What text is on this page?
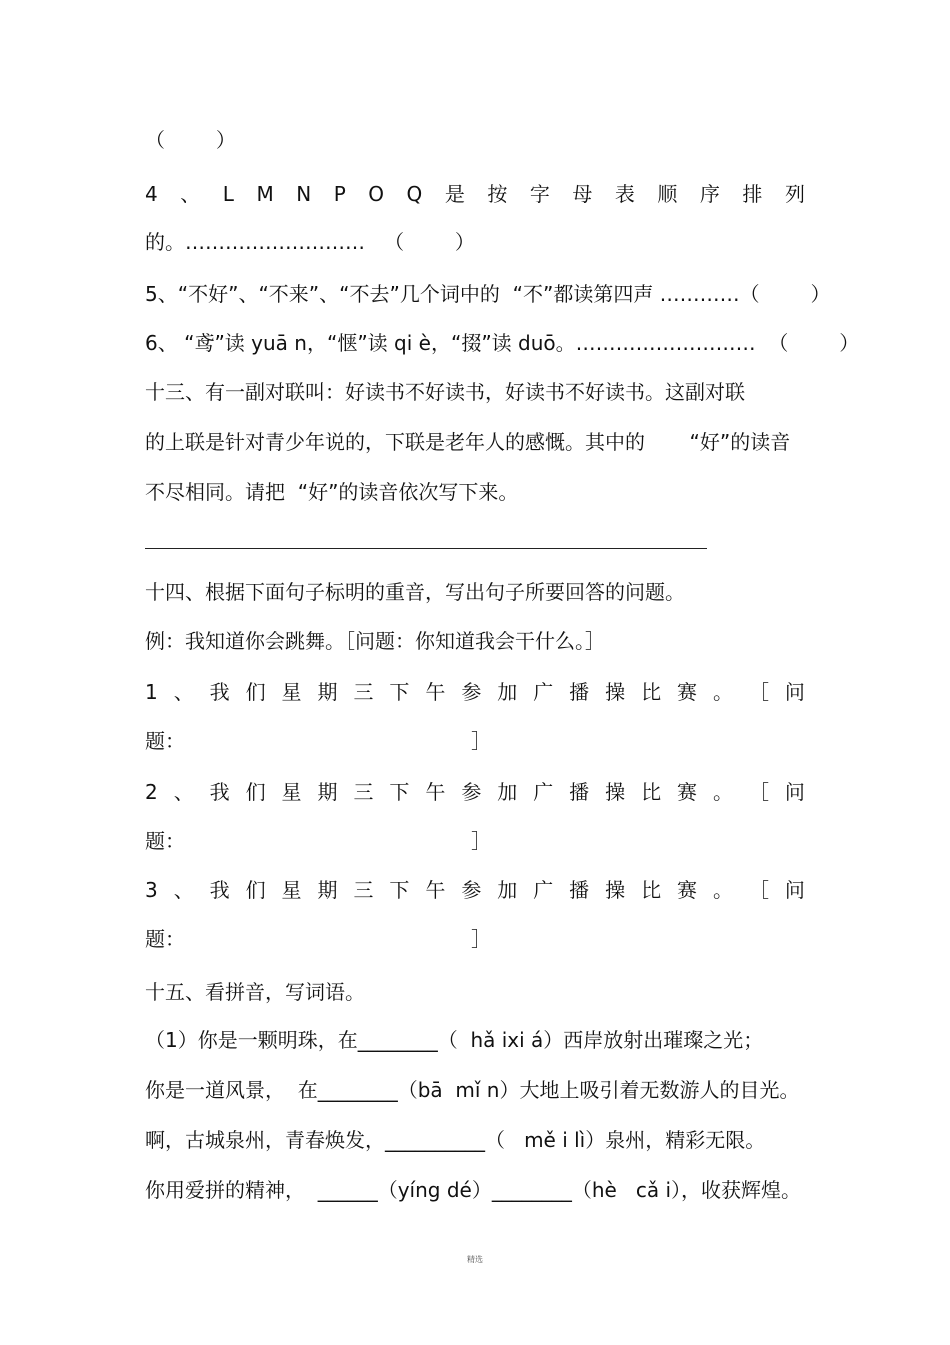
（        ）
4 、 L M N P O Q 是 按 字 母 表 顺 序 排 列
的。………………………   （        ）
5、“不好”、“不来”、“不去”几个词中的  “不”都读第四声 …………（        ）
6、 “鸢”读 yuā n，“惬”读 qi è，“掇”读 duō。………………………  （        ）
十三、有一副对联叫：好读书不好读书，好读书不好读书。这副对联
的上联是针对青少年说的，下联是老年人的感慨。其中的       “好”的读音
不尽相同。请把  “好”的读音依次写下来。
十四、根据下面句子标明的重音，写出句子所要回答的问题。
例：我知道你会跳舞。［问题：你知道我会干什么。］
1 、 我 们 星 期 三 下 午 参 加 广 播 操 比 赛 。 ［ 问
题：                                             ］
2 、 我 们 星 期 三 下 午 参 加 广 播 操 比 赛 。 ［ 问
题：                                             ］
3 、 我 们 星 期 三 下 午 参 加 广 播 操 比 赛 。 ［ 问
题：                                             ］
十五、看拼音，写词语。
（1）你是一颗明珠，在________（  hǎ ixi á）西岸放射出璀璨之光；
你是一道风景，  在________（bā  mǐ n）大地上吸引着无数游人的目光。
啊，古城泉州，青春焕发，__________（   mě i lì）泉州，精彩无限。
你用爱拼的精神，  ______（yíng dé）________（hè   cǎ i），收获辉煌。
精选
